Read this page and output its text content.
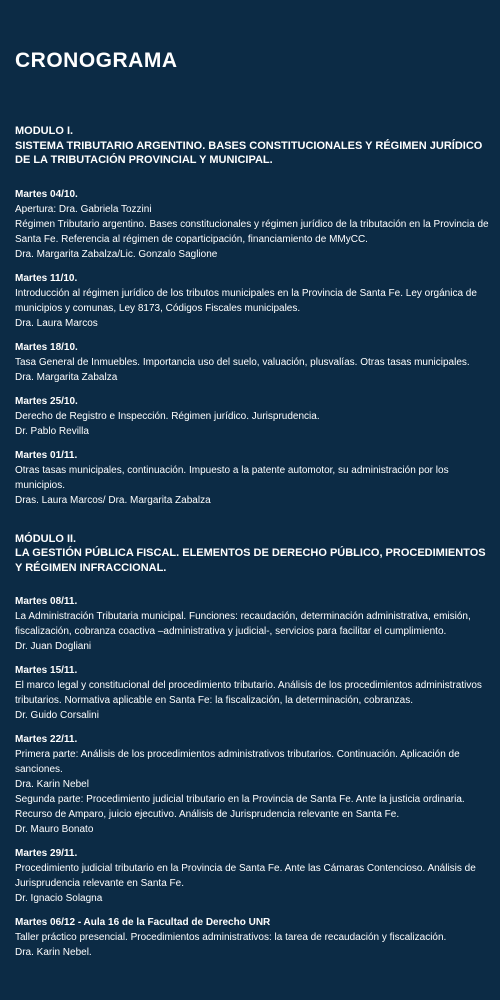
CRONOGRAMA
MODULO I.
SISTEMA TRIBUTARIO ARGENTINO. BASES CONSTITUCIONALES Y RÉGIMEN JURÍDICO DE LA TRIBUTACIÓN PROVINCIAL Y MUNICIPAL.
Martes 04/10.
Apertura: Dra. Gabriela Tozzini
Régimen Tributario argentino. Bases constitucionales y régimen jurídico de la tributación en la Provincia de Santa Fe. Referencia al régimen de coparticipación, financiamiento de MMyCC.
Dra. Margarita Zabalza/Lic. Gonzalo Saglione
Martes 11/10.
Introducción al régimen jurídico de los tributos municipales en la Provincia de Santa Fe. Ley orgánica de municipios y comunas, Ley 8173, Códigos Fiscales municipales.
Dra. Laura Marcos
Martes 18/10.
Tasa General de Inmuebles. Importancia uso del suelo, valuación, plusvalías. Otras tasas municipales.
Dra. Margarita Zabalza
Martes 25/10.
Derecho de Registro e Inspección. Régimen jurídico. Jurisprudencia.
Dr. Pablo Revilla
Martes 01/11.
Otras tasas municipales, continuación. Impuesto a la patente automotor, su administración por los municipios.
Dras. Laura Marcos/ Dra. Margarita Zabalza
MÓDULO II.
LA GESTIÓN PÚBLICA FISCAL. ELEMENTOS DE DERECHO PÚBLICO, PROCEDIMIENTOS Y RÉGIMEN INFRACCIONAL.
Martes 08/11.
La Administración Tributaria municipal. Funciones: recaudación, determinación administrativa, emisión, fiscalización, cobranza coactiva –administrativa y judicial-, servicios para facilitar el cumplimiento.
Dr. Juan Dogliani
Martes 15/11.
El marco legal y constitucional del procedimiento tributario. Análisis de los procedimientos administrativos tributarios. Normativa aplicable en Santa Fe: la fiscalización, la determinación, cobranzas.
Dr. Guido Corsalini
Martes 22/11.
Primera parte: Análisis de los procedimientos administrativos tributarios. Continuación. Aplicación de sanciones.
Dra. Karin Nebel
Segunda parte: Procedimiento judicial tributario en la Provincia de Santa Fe. Ante la justicia ordinaria. Recurso de Amparo, juicio ejecutivo. Análisis de Jurisprudencia relevante en Santa Fe.
Dr. Mauro Bonato
Martes 29/11.
Procedimiento judicial tributario en la Provincia de Santa Fe. Ante las Cámaras Contencioso. Análisis de Jurisprudencia relevante en Santa Fe.
Dr. Ignacio Solagna
Martes 06/12 - Aula 16 de la Facultad de Derecho UNR
Taller práctico presencial. Procedimientos administrativos: la tarea de recaudación y fiscalización.
Dra. Karin Nebel.
